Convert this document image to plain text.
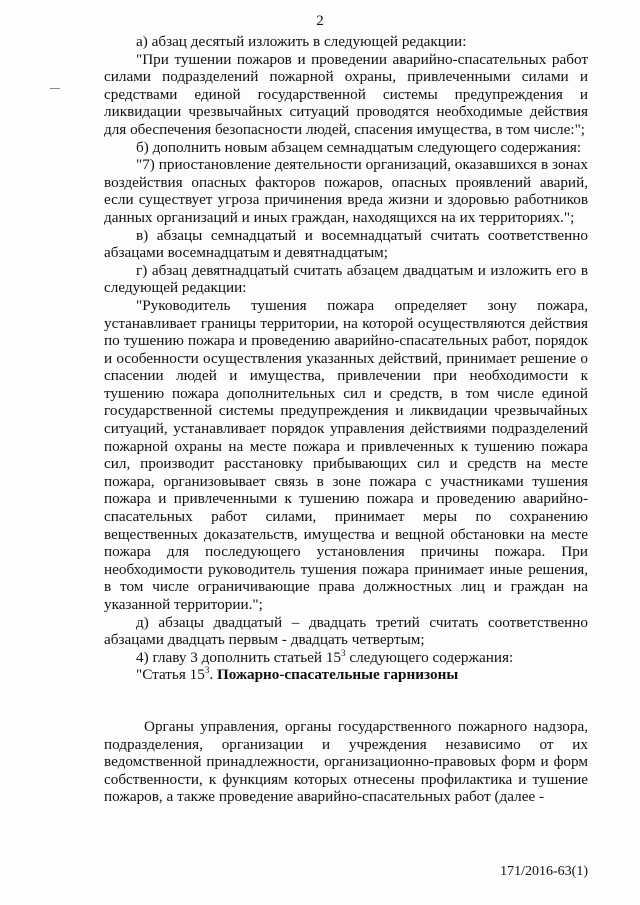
2

а) абзац десятый изложить в следующей редакции:

"При тушении пожаров и проведении аварийно-спасательных работ силами подразделений пожарной охраны, привлеченными силами и средствами единой государственной системы предупреждения и ликвидации чрезвычайных ситуаций проводятся необходимые действия для обеспечения безопасности людей, спасения имущества, в том числе:";

б) дополнить новым абзацем семнадцатым следующего содержания:

"7) приостановление деятельности организаций, оказавшихся в зонах воздействия опасных факторов пожаров, опасных проявлений аварий, если существует угроза причинения вреда жизни и здоровью работников данных организаций и иных граждан, находящихся на их территориях.";

в) абзацы семнадцатый и восемнадцатый считать соответственно абзацами восемнадцатым и девятнадцатым;

г) абзац девятнадцатый считать абзацем двадцатым и изложить его в следующей редакции:

"Руководитель тушения пожара определяет зону пожара, устанавливает границы территории, на которой осуществляются действия по тушению пожара и проведению аварийно-спасательных работ, порядок и особенности осуществления указанных действий, принимает решение о спасении людей и имущества, привлечении при необходимости к тушению пожара дополнительных сил и средств, в том числе единой государственной системы предупреждения и ликвидации чрезвычайных ситуаций, устанавливает порядок управления действиями подразделений пожарной охраны на месте пожара и привлеченных к тушению пожара сил, производит расстановку прибывающих сил и средств на месте пожара, организовывает связь в зоне пожара с участниками тушения пожара и привлеченными к тушению пожара и проведению аварийно-спасательных работ силами, принимает меры по сохранению вещественных доказательств, имущества и вещной обстановки на месте пожара для последующего установления причины пожара. При необходимости руководитель тушения пожара принимает иные решения, в том числе ограничивающие права должностных лиц и граждан на указанной территории.";

д) абзацы двадцатый – двадцать третий считать соответственно абзацами двадцать первым - двадцать четвертым;

4) главу 3 дополнить статьей $15^3$ следующего содержания:

"Статья $15^3$. Пожарно-спасательные гарнизоны

Органы управления, органы государственного пожарного надзора, подразделения, организации и учреждения независимо от их ведомственной принадлежности, организационно-правовых форм и форм собственности, к функциям которых отнесены профилактика и тушение пожаров, а также проведение аварийно-спасательных работ (далее -

171/2016-63(1)
